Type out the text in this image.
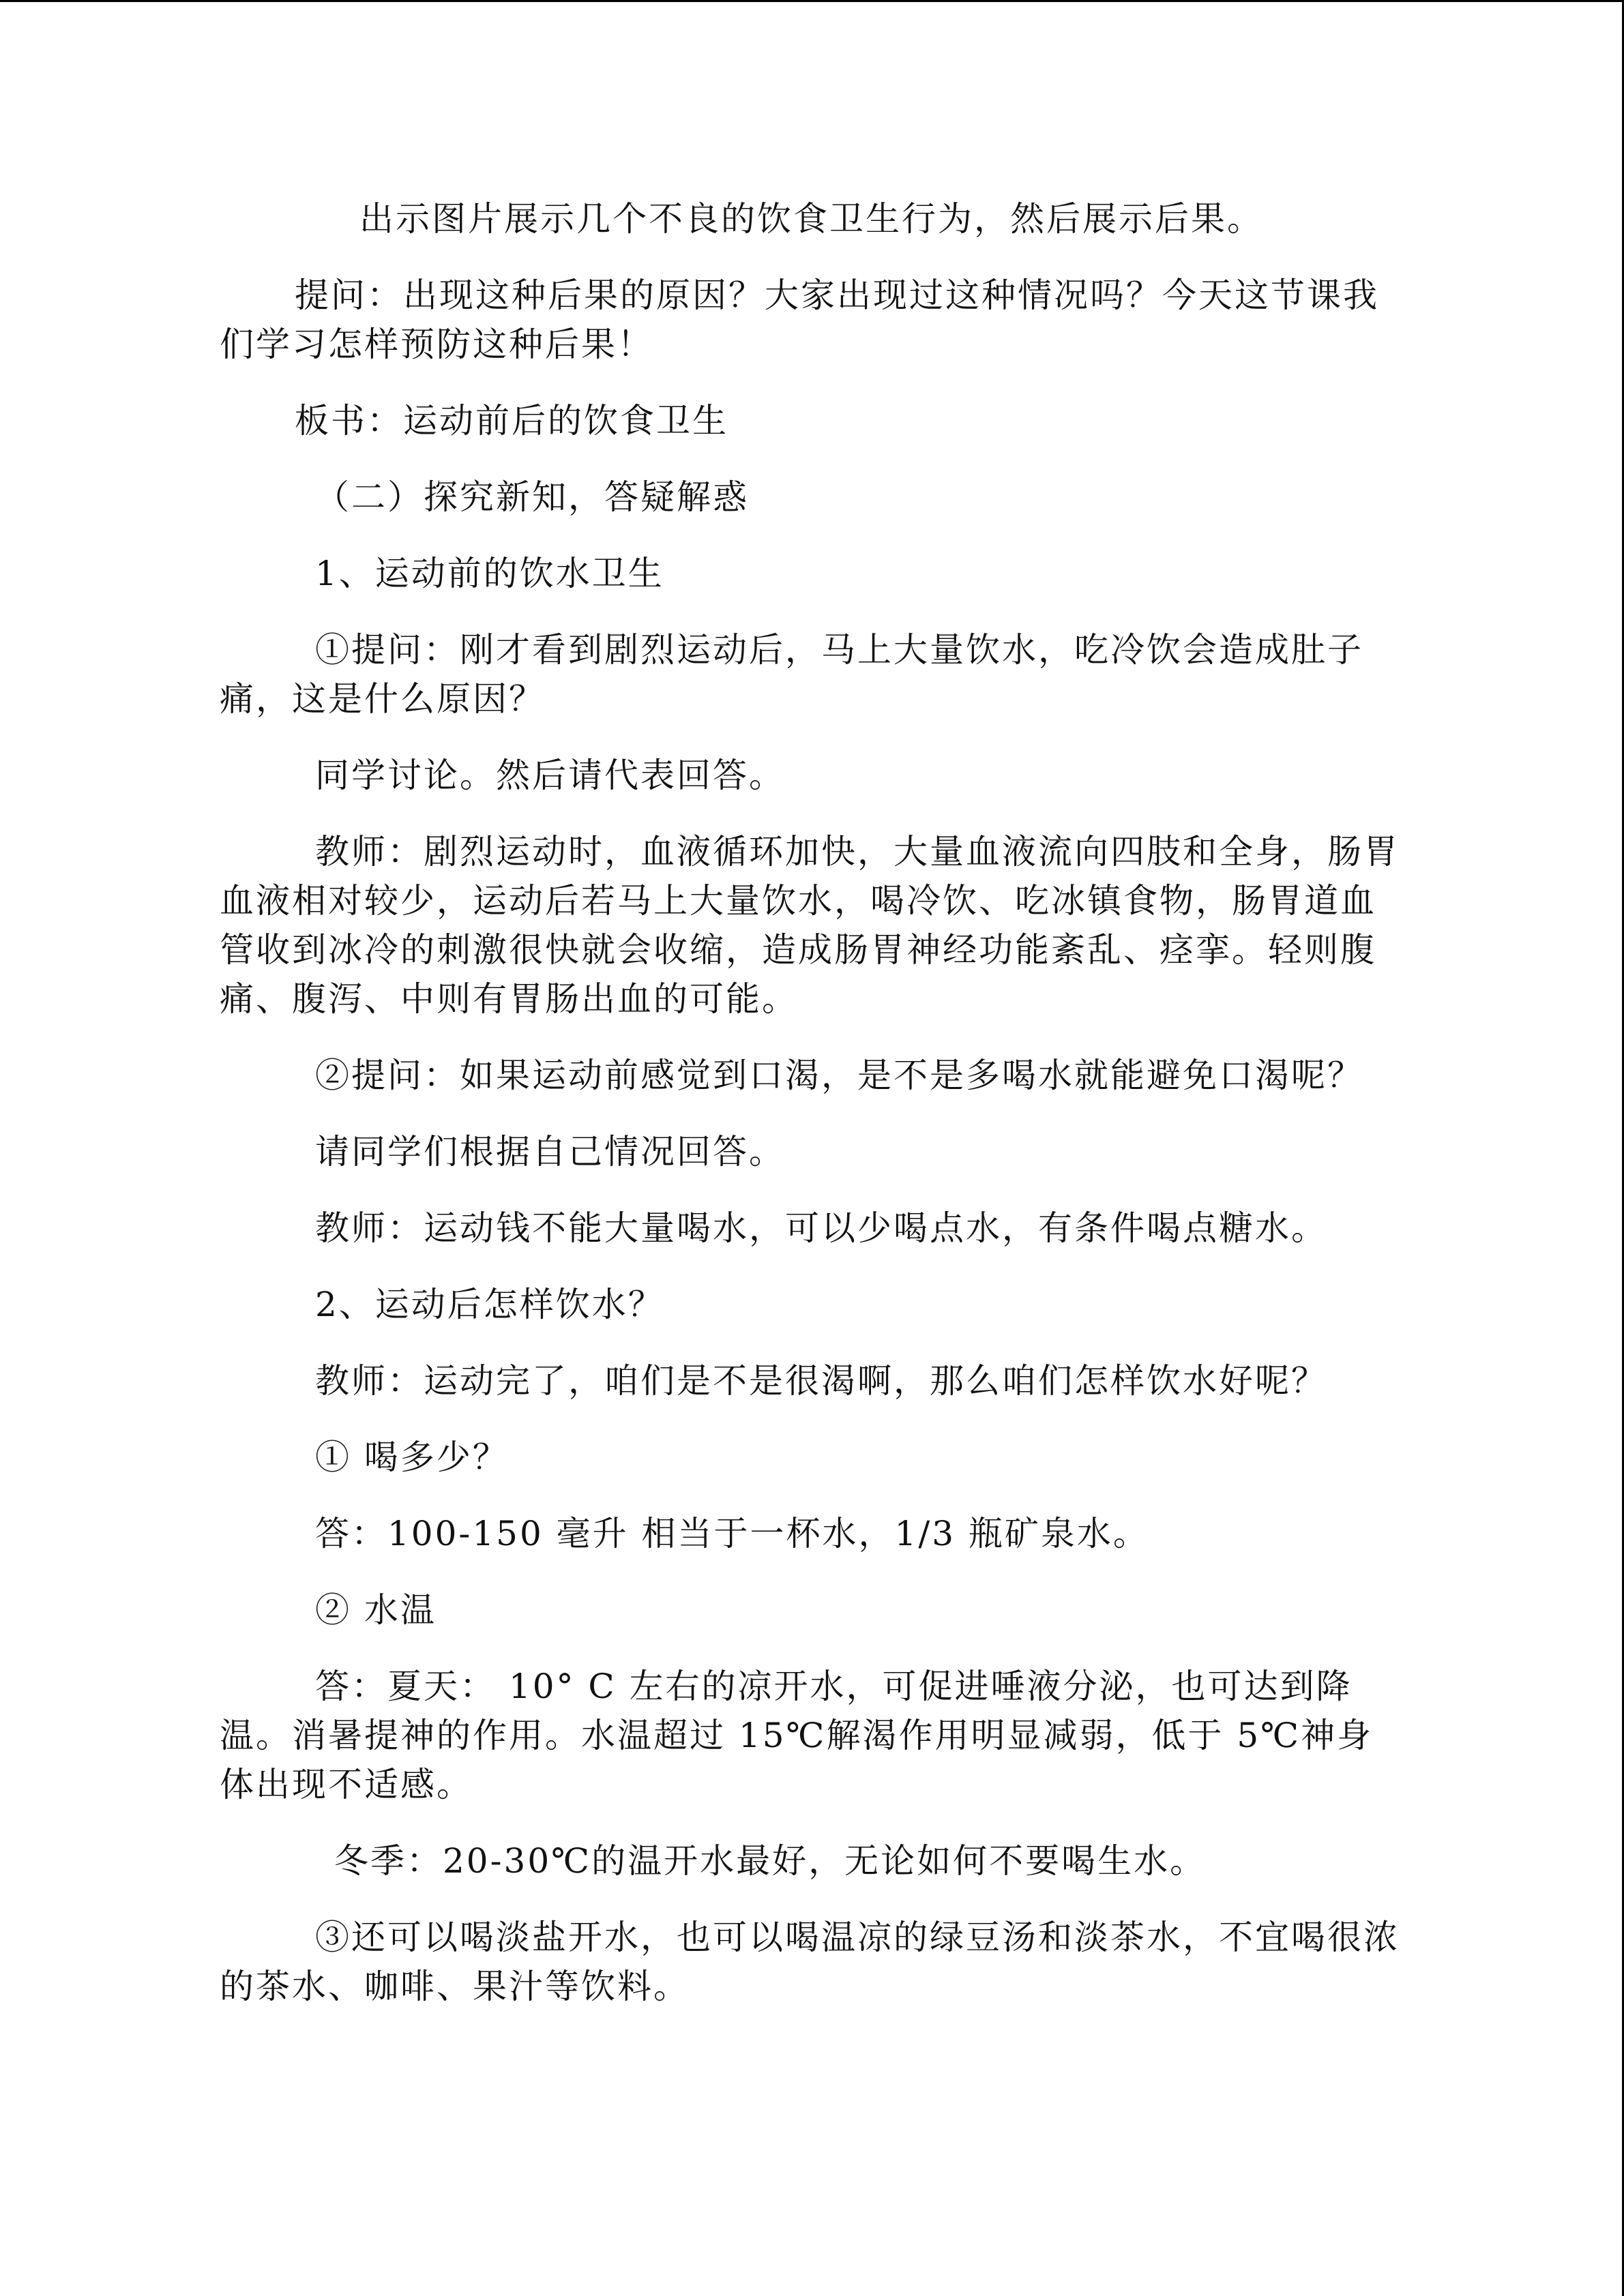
出示图片展示几个不良的饮食卫生行为，然后展示后果。

提问：出现这种后果的原因？大家出现过这种情况吗？今天这节课我们学习怎样预防这种后果！

板书：运动前后的饮食卫生

（二）探究新知，答疑解惑

1、运动前的饮水卫生

①提问：刚才看到剧烈运动后，马上大量饮水，吃冷饮会造成肚子痛，这是什么原因？

同学讨论。然后请代表回答。

教师：剧烈运动时，血液循环加快，大量血液流向四肢和全身，肠胃血液相对较少，运动后若马上大量饮水，喝冷饮、吃冰镇食物，肠胃道血管收到冰冷的刺激很快就会收缩，造成肠胃神经功能紊乱、痉挛。轻则腹痛、腹泻、中则有胃肠出血的可能。

②提问：如果运动前感觉到口渴，是不是多喝水就能避免口渴呢？

请同学们根据自己情况回答。

教师：运动钱不能大量喝水，可以少喝点水，有条件喝点糖水。

2、运动后怎样饮水？

教师：运动完了，咱们是不是很渴啊，那么咱们怎样饮水好呢？

① 喝多少？

答：100-150 毫升 相当于一杯水，1/3 瓶矿泉水。

② 水温

答：夏天： 10° C 左右的凉开水，可促进唾液分泌，也可达到降温。消暑提神的作用。水温超过 15℃解渴作用明显减弱，低于 5℃神身体出现不适感。

冬季：20-30℃的温开水最好，无论如何不要喝生水。

③还可以喝淡盐开水，也可以喝温凉的绿豆汤和淡茶水，不宜喝很浓的茶水、咖啡、果汁等饮料。
